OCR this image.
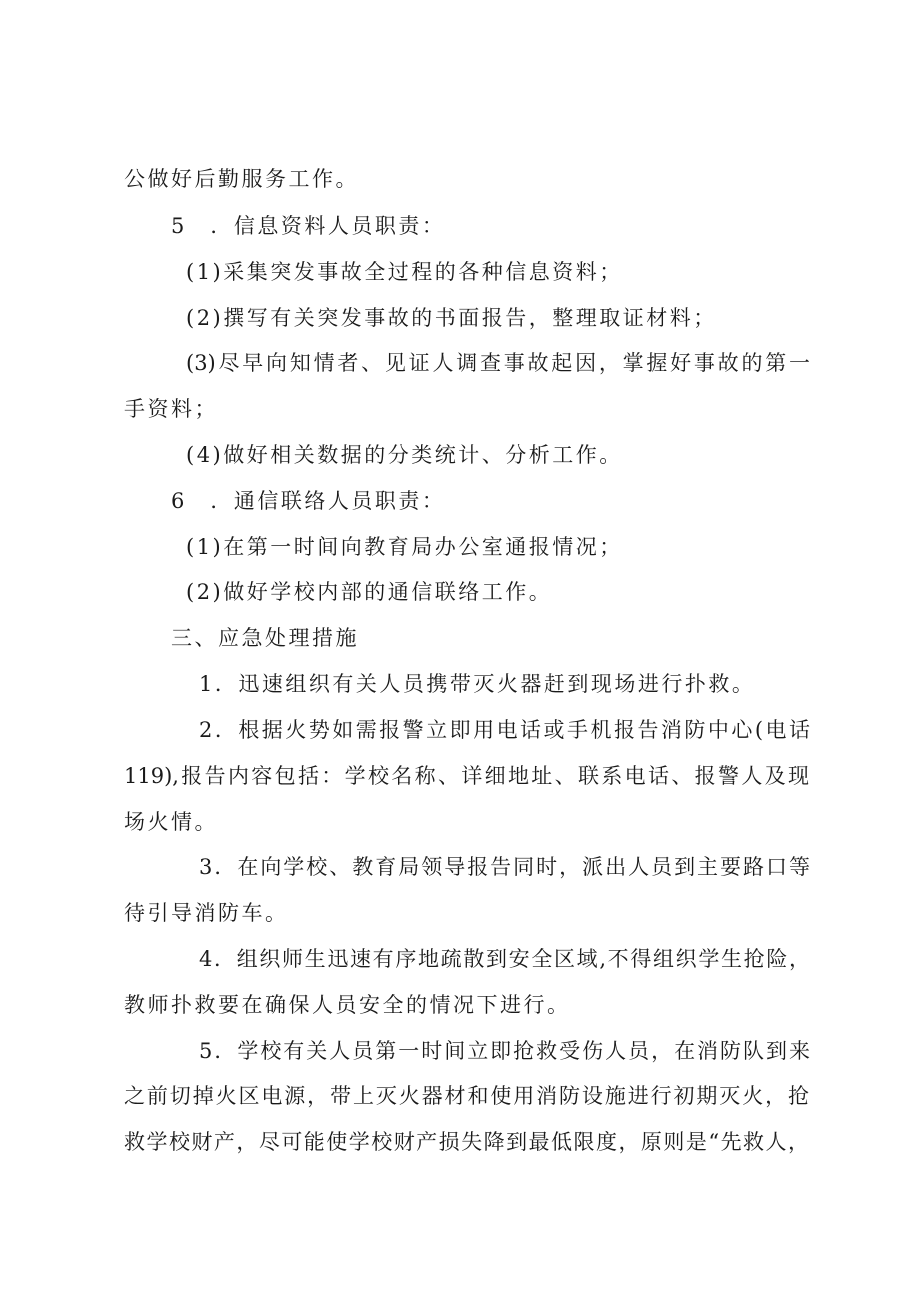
公做好后勤服务工作。
5　．信息资料人员职责：
(1)采集突发事故全过程的各种信息资料；
(2)撰写有关突发事故的书面报告，整理取证材料；
(3)尽早向知情者、见证人调查事故起因，掌握好事故的第一
手资料；
(4)做好相关数据的分类统计、分析工作。
6　．通信联络人员职责：
(1)在第一时间向教育局办公室通报情况；
(2)做好学校内部的通信联络工作。
三、应急处理措施
1．迅速组织有关人员携带灭火器赶到现场进行扑救。
2．根据火势如需报警立即用电话或手机报告消防中心(电话
119),报告内容包括：学校名称、详细地址、联系电话、报警人及现
场火情。
3．在向学校、教育局领导报告同时，派出人员到主要路口等
待引导消防车。
4．组织师生迅速有序地疏散到安全区域,不得组织学生抢险，
教师扑救要在确保人员安全的情况下进行。
5．学校有关人员第一时间立即抢救受伤人员，在消防队到来
之前切掉火区电源，带上灭火器材和使用消防设施进行初期灭火，抢
救学校财产，尽可能使学校财产损失降到最低限度，原则是“先救人，
